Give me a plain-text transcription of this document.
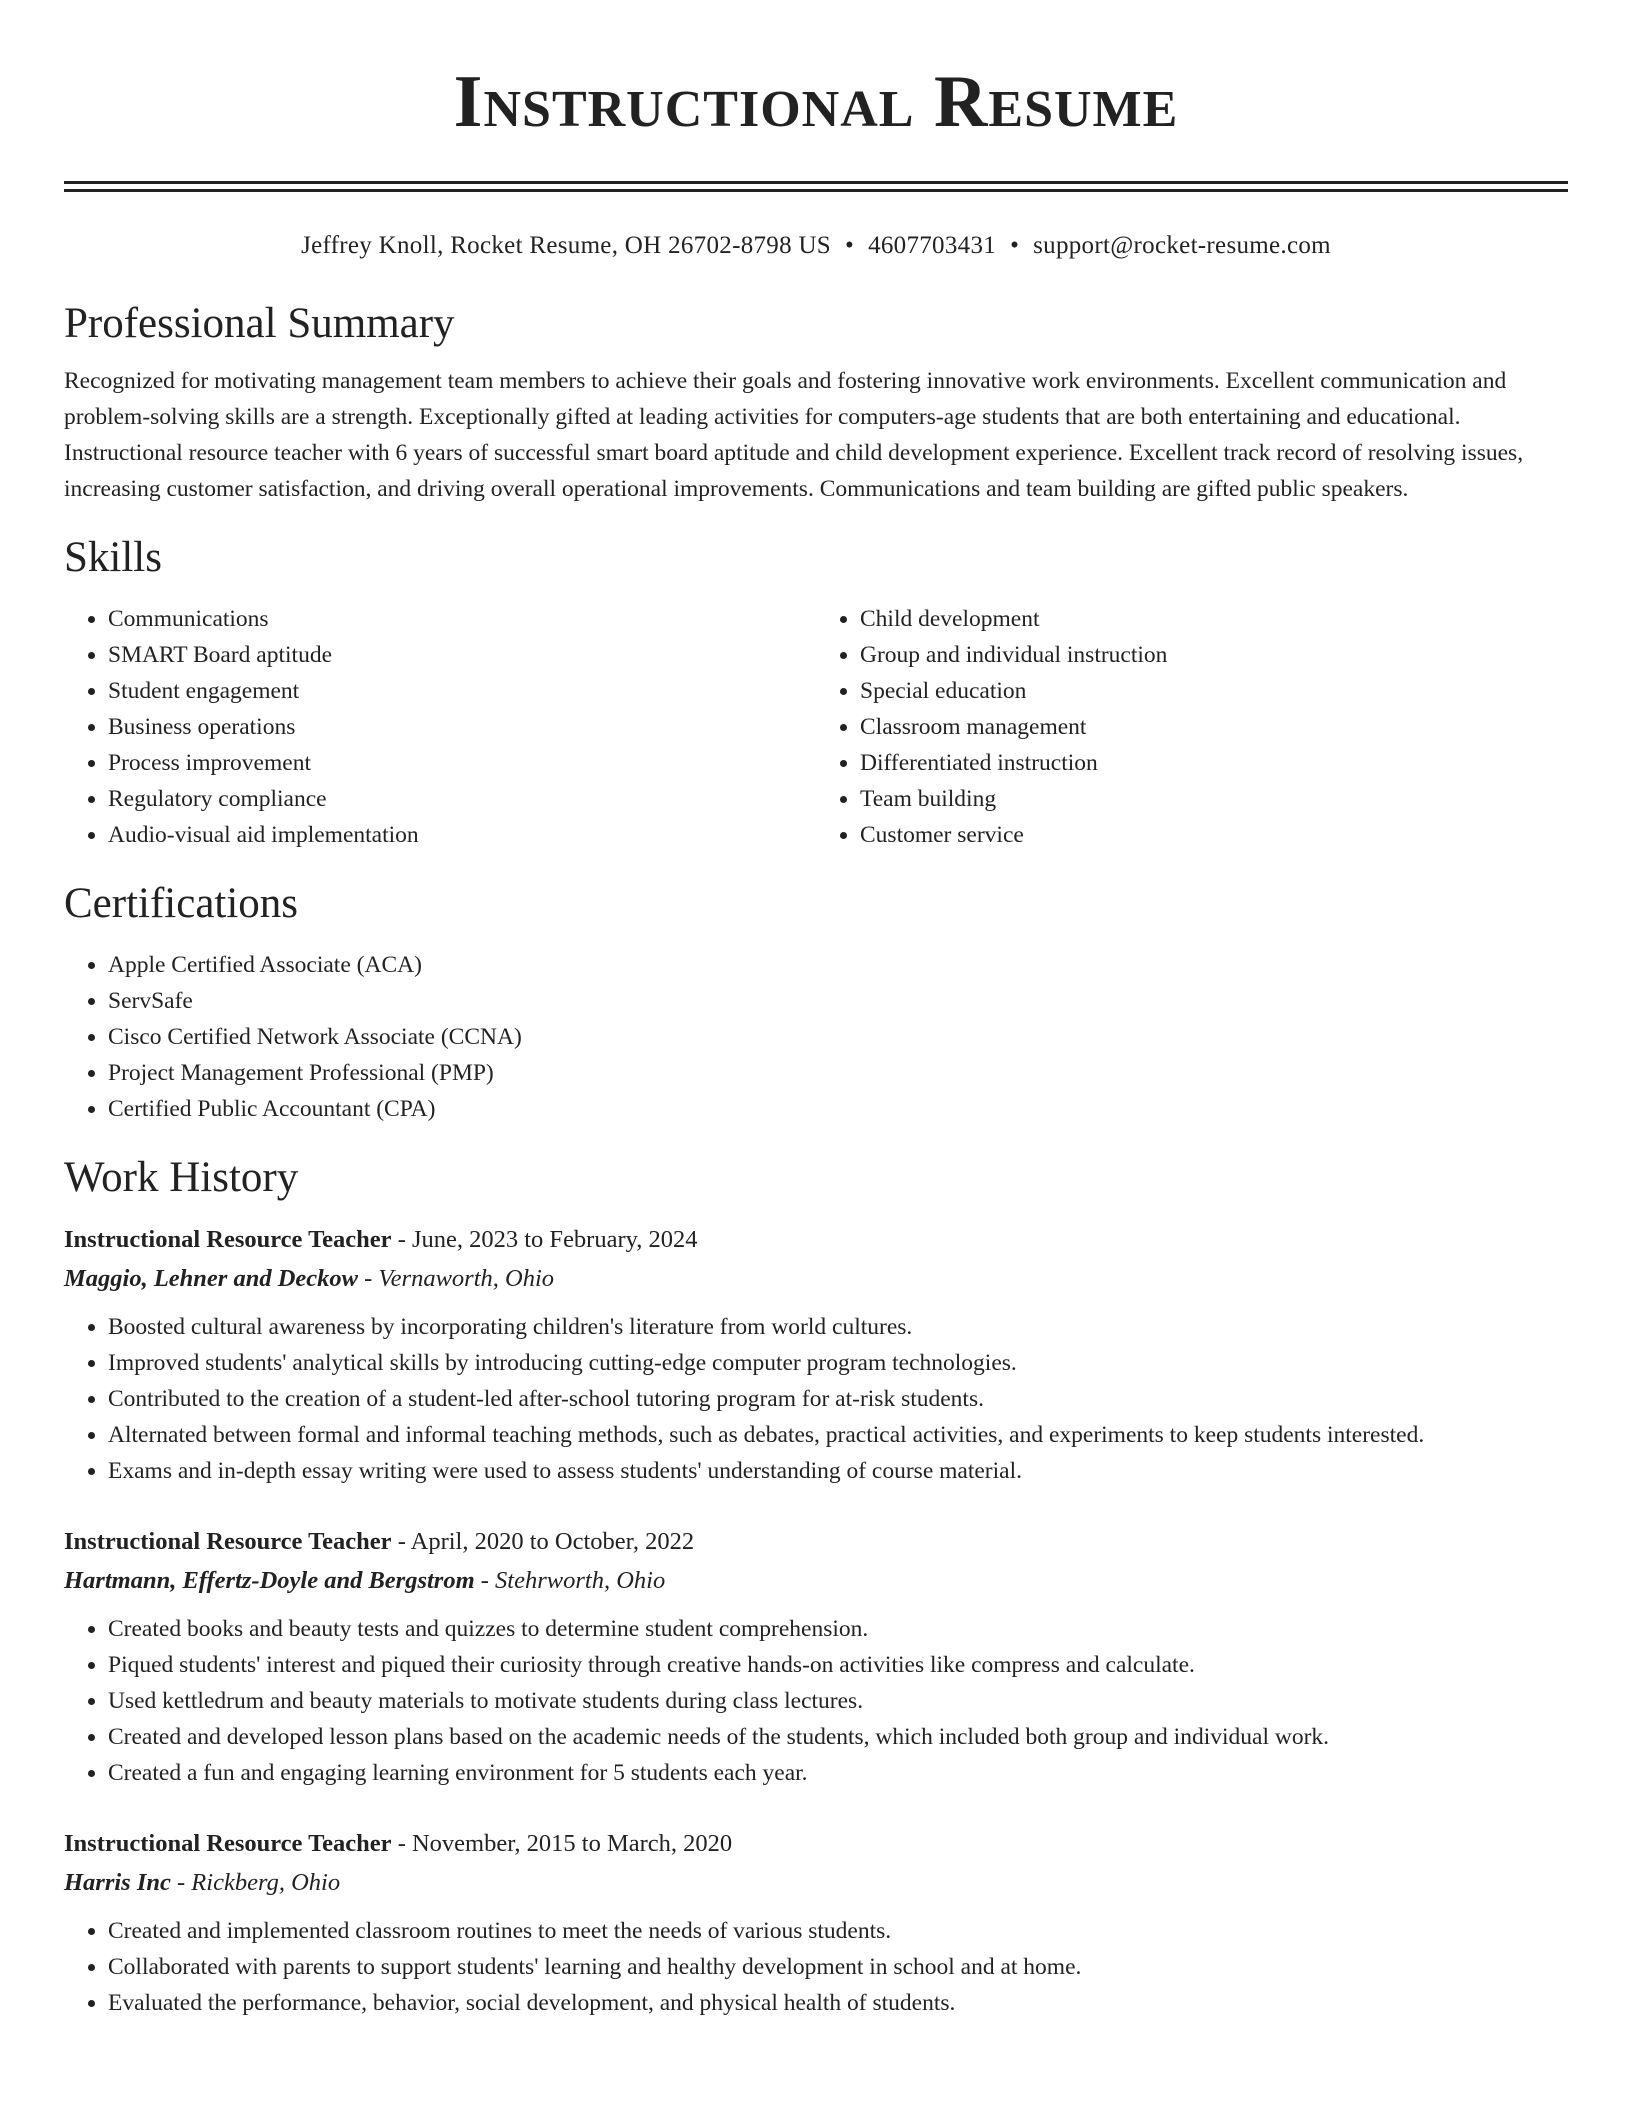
Instructional Resume
Jeffrey Knoll, Rocket Resume, OH 26702-8798 US • 4607703431 • support@rocket-resume.com
Professional Summary

Recognized for motivating management team members to achieve their goals and fostering innovative work environments. Excellent communication and problem-solving skills are a strength. Exceptionally gifted at leading activities for computers-age students that are both entertaining and educational. Instructional resource teacher with 6 years of successful smart board aptitude and child development experience. Excellent track record of resolving issues, increasing customer satisfaction, and driving overall operational improvements. Communications and team building are gifted public speakers.

Skills
• Communications
• SMART Board aptitude
• Student engagement
• Business operations
• Process improvement
• Regulatory compliance
• Audio-visual aid implementation
• Child development
• Group and individual instruction
• Special education
• Classroom management
• Differentiated instruction
• Team building
• Customer service
Certifications
• Apple Certified Associate (ACA)
• ServSafe
• Cisco Certified Network Associate (CCNA)
• Project Management Professional (PMP)
• Certified Public Accountant (CPA)
Work History
Instructional Resource Teacher - June, 2023 to February, 2024
Maggio, Lehner and Deckow - Vernaworth, Ohio
• Boosted cultural awareness by incorporating children's literature from world cultures.
• Improved students' analytical skills by introducing cutting-edge computer program technologies.
• Contributed to the creation of a student-led after-school tutoring program for at-risk students.
• Alternated between formal and informal teaching methods, such as debates, practical activities, and experiments to keep students interested.
• Exams and in-depth essay writing were used to assess students' understanding of course material.
Instructional Resource Teacher - April, 2020 to October, 2022
Hartmann, Effertz-Doyle and Bergstrom - Stehrworth, Ohio
• Created books and beauty tests and quizzes to determine student comprehension.
• Piqued students' interest and piqued their curiosity through creative hands-on activities like compress and calculate.
• Used kettledrum and beauty materials to motivate students during class lectures.
• Created and developed lesson plans based on the academic needs of the students, which included both group and individual work.
• Created a fun and engaging learning environment for 5 students each year.
Instructional Resource Teacher - November, 2015 to March, 2020
Harris Inc - Rickberg, Ohio
• Created and implemented classroom routines to meet the needs of various students.
• Collaborated with parents to support students' learning and healthy development in school and at home.
• Evaluated the performance, behavior, social development, and physical health of students.
